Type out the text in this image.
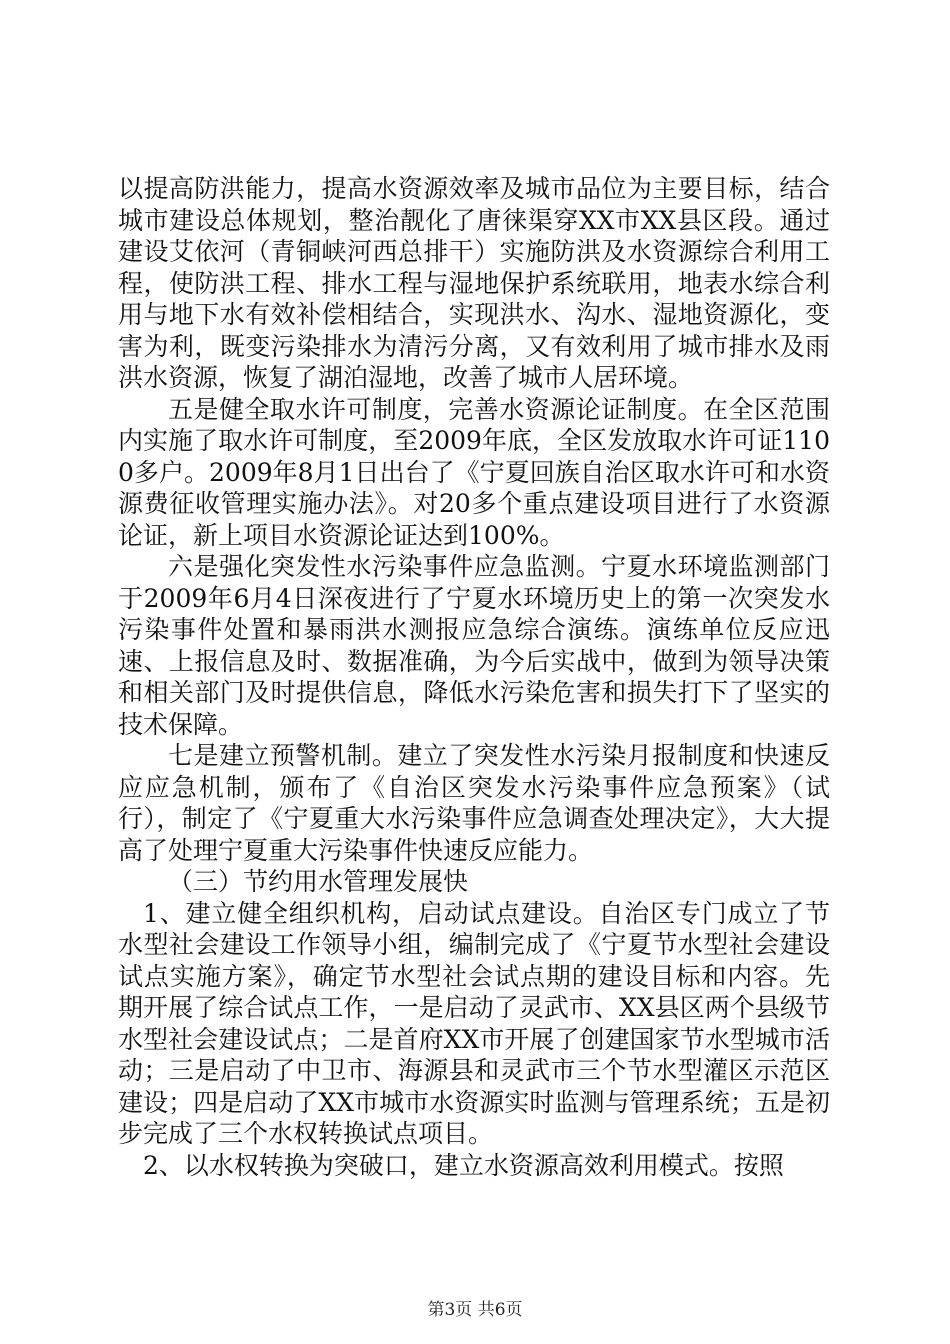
以提高防洪能力，提高水资源效率及城市品位为主要目标，结合城市建设总体规划，整治靓化了唐徕渠穿XX市XX县区段。通过建设艾依河（青铜峡河西总排干）实施防洪及水资源综合利用工程，使防洪工程、排水工程与湿地保护系统联用，地表水综合利用与地下水有效补偿相结合，实现洪水、沟水、湿地资源化，变害为利，既变污染排水为清污分离，又有效利用了城市排水及雨洪水资源，恢复了湖泊湿地，改善了城市人居环境。

五是健全取水许可制度，完善水资源论证制度。在全区范围内实施了取水许可制度，至2009年底，全区发放取水许可证1100多户。2009年8月1日出台了《宁夏回族自治区取水许可和水资源费征收管理实施办法》。对20多个重点建设项目进行了水资源论证，新上项目水资源论证达到100%。

六是强化突发性水污染事件应急监测。宁夏水环境监测部门于2009年6月4日深夜进行了宁夏水环境历史上的第一次突发水污染事件处置和暴雨洪水测报应急综合演练。演练单位反应迅速、上报信息及时、数据准确，为今后实战中，做到为领导决策和相关部门及时提供信息，降低水污染危害和损失打下了坚实的技术保障。

七是建立预警机制。建立了突发性水污染月报制度和快速反应应急机制，颁布了《自治区突发水污染事件应急预案》（试行），制定了《宁夏重大水污染事件应急调查处理决定》，大大提高了处理宁夏重大污染事件快速反应能力。

（三）节约用水管理发展快

1、建立健全组织机构，启动试点建设。自治区专门成立了节水型社会建设工作领导小组，编制完成了《宁夏节水型社会建设试点实施方案》，确定节水型社会试点期的建设目标和内容。先期开展了综合试点工作，一是启动了灵武市、XX县区两个县级节水型社会建设试点；二是首府XX市开展了创建国家节水型城市活动；三是启动了中卫市、海源县和灵武市三个节水型灌区示范区建设；四是启动了XX市城市水资源实时监测与管理系统；五是初步完成了三个水权转换试点项目。

2、以水权转换为突破口，建立水资源高效利用模式。按照

第3页 共6页
